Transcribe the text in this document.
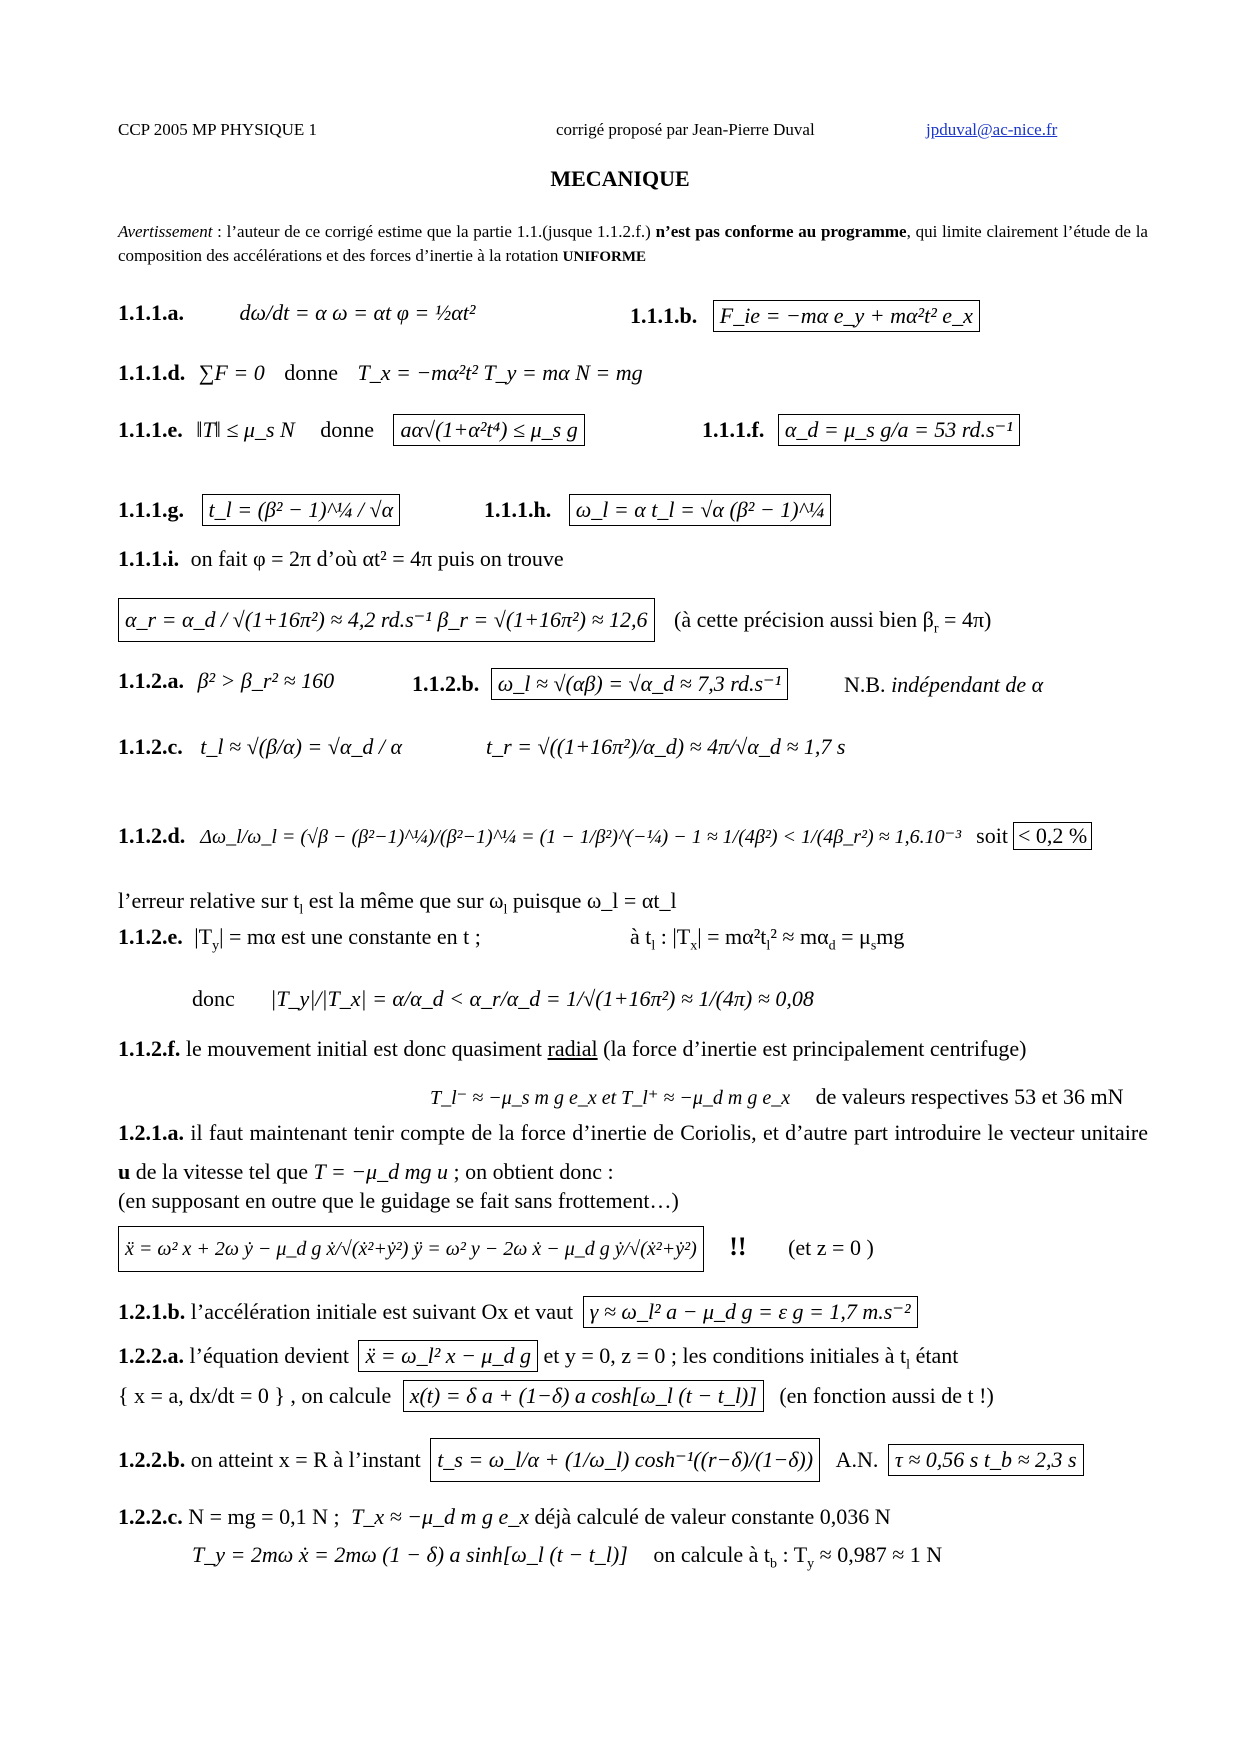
CCP 2005 MP PHYSIQUE 1	corrigé proposé par Jean-Pierre Duval	jpduval@ac-nice.fr
MECANIQUE
Avertissement : l’auteur de ce corrigé estime que la partie 1.1.(jusque 1.1.2.f.) n’est pas conforme au programme, qui limite clairement l’étude de la composition des accélérations et des forces d’inertie à la rotation UNIFORME
1.1.1.a.	dω/dt = α ω = αt φ = ½αt²	1.1.1.b. F_ie = −mα e_y + mα²t² e_x
1.1.1.d. ∑F = 0 donne T_x = −mα²t² T_y = mα N = mg
1.1.1.e. ‖T‖ ≤ μ_s N donne aα√(1+α²t⁴) ≤ μ_s g	1.1.1.f. α_d = μ_s g/a = 53 rd.s⁻¹
1.1.1.g. t_l = (β² − 1)^¼ / √α	1.1.1.h. ω_l = α t_l = √α (β² − 1)^¼
1.1.1.i. on fait φ = 2π d’où αt² = 4π puis on trouve
α_r = α_d / √(1+16π²) ≈ 4,2 rd.s⁻¹ β_r = √(1+16π²) ≈ 12,6 (à cette précision aussi bien $\beta_r = 4\pi$)
1.1.2.a. β² > β_r² ≈ 160	1.1.2.b. ω_l ≈ √(αβ) = √α_d ≈ 7,3 rd.s⁻¹	N.B. indépendant de α
1.1.2.c. t_l ≈ √(β/α) = √α_d / α	t_r = √((1+16π²)/α_d) ≈ 4π/√α_d ≈ 1,7 s
1.1.2.d. Δω_l/ω_l = (√β − (β²−1)^¼)/(β²−1)^¼ = (1 − 1/β²)^(−¼) − 1 ≈ 1/(4β²) < 1/(4β_r²) ≈ 1,6.10⁻³ soit < 0,2 %
l’erreur relative sur $t_l$ est la même que sur $\omega_l$ puisque ω_l = αt_l
1.1.2.e. $|T_y| = m\alpha$ est une constante en t ;	à $t_l$ : $|T_x| = m\alpha^2t_l^2 \approx m\alpha_d = \mu_smg$
donc |T_y|/|T_x| = α/α_d < α_r/α_d = 1/√(1+16π²) ≈ 1/(4π) ≈ 0,08
1.1.2.f. le mouvement initial est donc quasiment radial (la force d’inertie est principalement centrifuge)
T_l⁻ ≈ −μ_s m g e_x et T_l⁺ ≈ −μ_d m g e_x de valeurs respectives 53 et 36 mN
1.2.1.a. il faut maintenant tenir compte de la force d’inertie de Coriolis, et d’autre part introduire le vecteur unitaire u de la vitesse tel que T = −μ_d mg u ; on obtient donc :
(en supposant en outre que le guidage se fait sans frottement…)
ẍ = ω² x + 2ω ẏ − μ_d g ẋ/√(ẋ²+ẏ²) ÿ = ω² y − 2ω ẋ − μ_d g ẏ/√(ẋ²+ẏ²) !! (et z = 0 )
1.2.1.b. l’accélération initiale est suivant Ox et vaut γ ≈ ω_l² a − μ_d g = ε g = 1,7 m.s⁻²
1.2.2.a. l’équation devient ẍ = ω_l² x − μ_d g et y = 0, z = 0 ; les conditions initiales à $t_l$ étant
{ x = a, dx/dt = 0 } , on calcule x(t) = δ a + (1−δ) a cosh[ω_l (t − t_l)] (en fonction aussi de t !)
1.2.2.b. on atteint x = R à l’instant t_s = ω_l/α + (1/ω_l) cosh⁻¹((r−δ)/(1−δ)) A.N. τ ≈ 0,56 s t_b ≈ 2,3 s
1.2.2.c. N = mg = 0,1 N ; T_x ≈ −μ_d m g e_x déjà calculé de valeur constante 0,036 N
T_y = 2mω ẋ = 2mω (1 − δ) a sinh[ω_l (t − t_l)] on calcule à $t_b$ : $T_y \approx 0,987 \approx 1$ N
